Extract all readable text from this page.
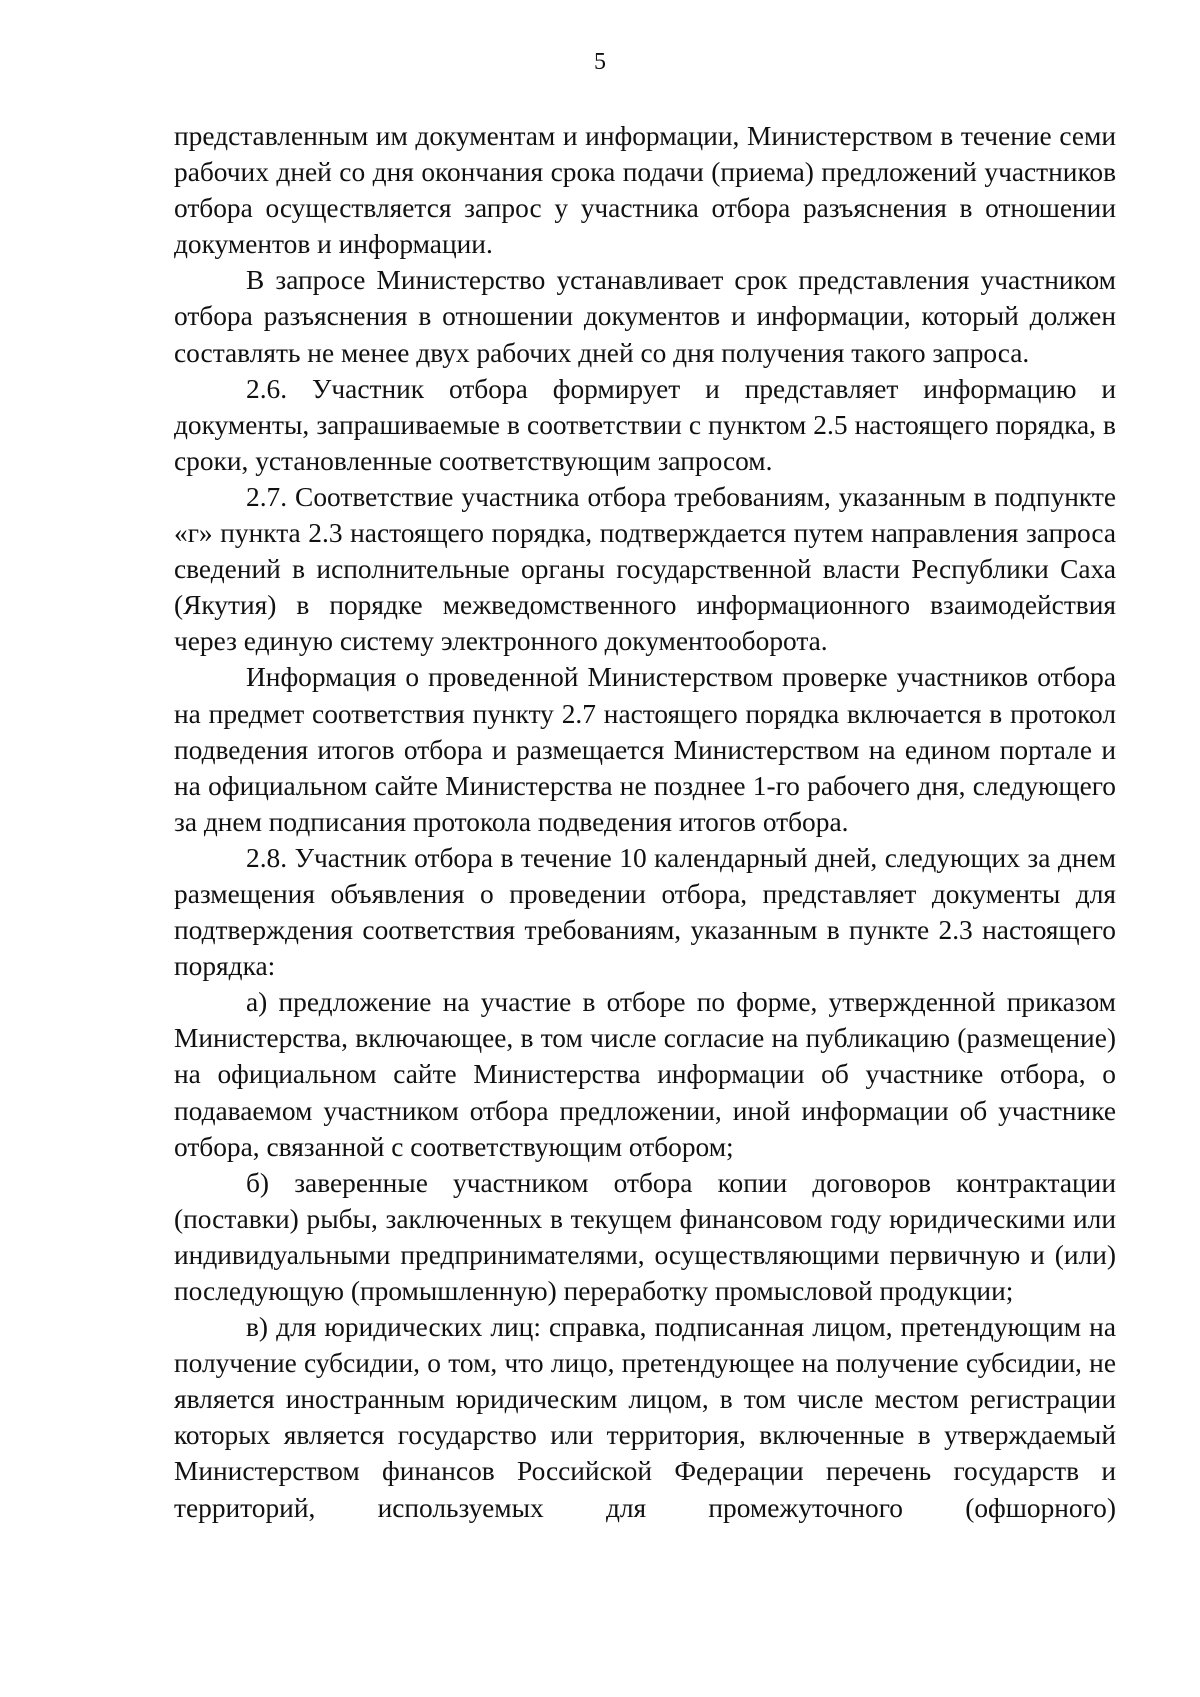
5

представленным им документам и информации, Министерством в течение семи рабочих дней со дня окончания срока подачи (приема) предложений участников отбора осуществляется запрос у участника отбора разъяснения в отношении документов и информации.

В запросе Министерство устанавливает срок представления участником отбора разъяснения в отношении документов и информации, который должен составлять не менее двух рабочих дней со дня получения такого запроса.

2.6. Участник отбора формирует и представляет информацию и документы, запрашиваемые в соответствии с пунктом 2.5 настоящего порядка, в сроки, установленные соответствующим запросом.

2.7. Соответствие участника отбора требованиям, указанным в подпункте «г» пункта 2.3 настоящего порядка, подтверждается путем направления запроса сведений в исполнительные органы государственной власти Республики Саха (Якутия) в порядке межведомственного информационного взаимодействия через единую систему электронного документооборота.

Информация о проведенной Министерством проверке участников отбора на предмет соответствия пункту 2.7 настоящего порядка включается в протокол подведения итогов отбора и размещается Министерством на едином портале и на официальном сайте Министерства не позднее 1-го рабочего дня, следующего за днем подписания протокола подведения итогов отбора.

2.8. Участник отбора в течение 10 календарный дней, следующих за днем размещения объявления о проведении отбора, представляет документы для подтверждения соответствия требованиям, указанным в пункте 2.3 настоящего порядка:

а) предложение на участие в отборе по форме, утвержденной приказом Министерства, включающее, в том числе согласие на публикацию (размещение) на официальном сайте Министерства информации об участнике отбора, о подаваемом участником отбора предложении, иной информации об участнике отбора, связанной с соответствующим отбором;

б) заверенные участником отбора копии договоров контрактации (поставки) рыбы, заключенных в текущем финансовом году юридическими или индивидуальными предпринимателями, осуществляющими первичную и (или) последующую (промышленную) переработку промысловой продукции;

в) для юридических лиц: справка, подписанная лицом, претендующим на получение субсидии, о том, что лицо, претендующее на получение субсидии, не является иностранным юридическим лицом, в том числе местом регистрации которых является государство или территория, включенные в утверждаемый Министерством финансов Российской Федерации перечень государств и территорий, используемых для промежуточного (офшорного)
